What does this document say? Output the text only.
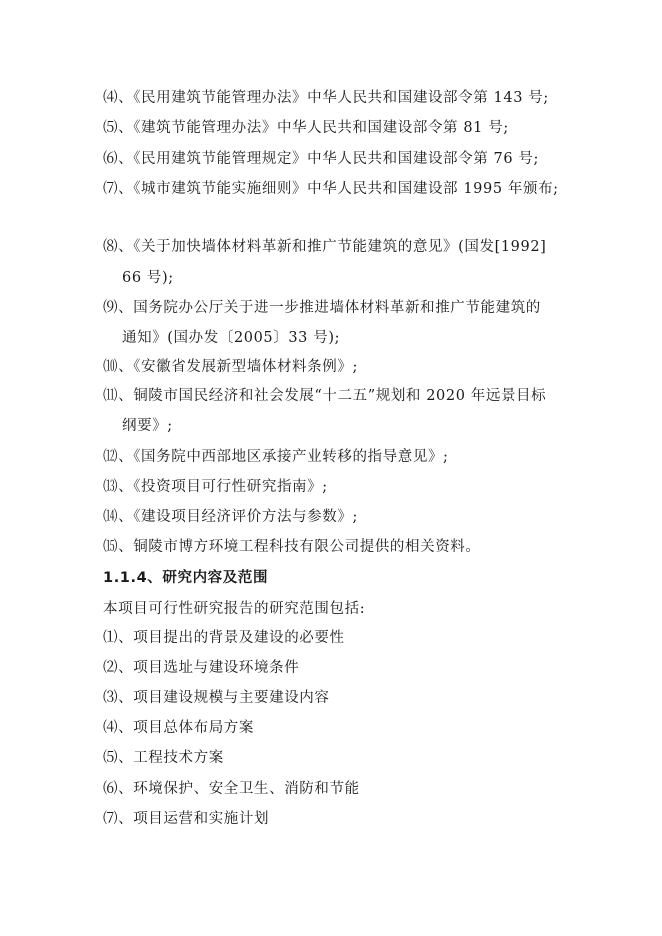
⑷、《民用建筑节能管理办法》中华人民共和国建设部令第 143 号;
⑸、《建筑节能管理办法》中华人民共和国建设部令第 81 号;
⑹、《民用建筑节能管理规定》中华人民共和国建设部令第 76 号;
⑺、《城市建筑节能实施细则》中华人民共和国建设部 1995 年颁布;
⑻、《关于加快墙体材料革新和推广节能建筑的意见》(国发[1992]
66 号);
⑼、国务院办公厅关于进一步推进墙体材料革新和推广节能建筑的
通知》(国办发〔2005〕33 号);
⑽、《安徽省发展新型墙体材料条例》;
⑾、铜陵市国民经济和社会发展“十二五”规划和 2020 年远景目标
纲要》;
⑿、《国务院中西部地区承接产业转移的指导意见》;
⒀、《投资项目可行性研究指南》;
⒁、《建设项目经济评价方法与参数》;
⒂、铜陵市博方环境工程科技有限公司提供的相关资料。
1.1.4、研究内容及范围
本项目可行性研究报告的研究范围包括:
⑴、项目提出的背景及建设的必要性
⑵、项目选址与建设环境条件
⑶、项目建设规模与主要建设内容
⑷、项目总体布局方案
⑸、工程技术方案
⑹、环境保护、安全卫生、消防和节能
⑺、项目运营和实施计划
